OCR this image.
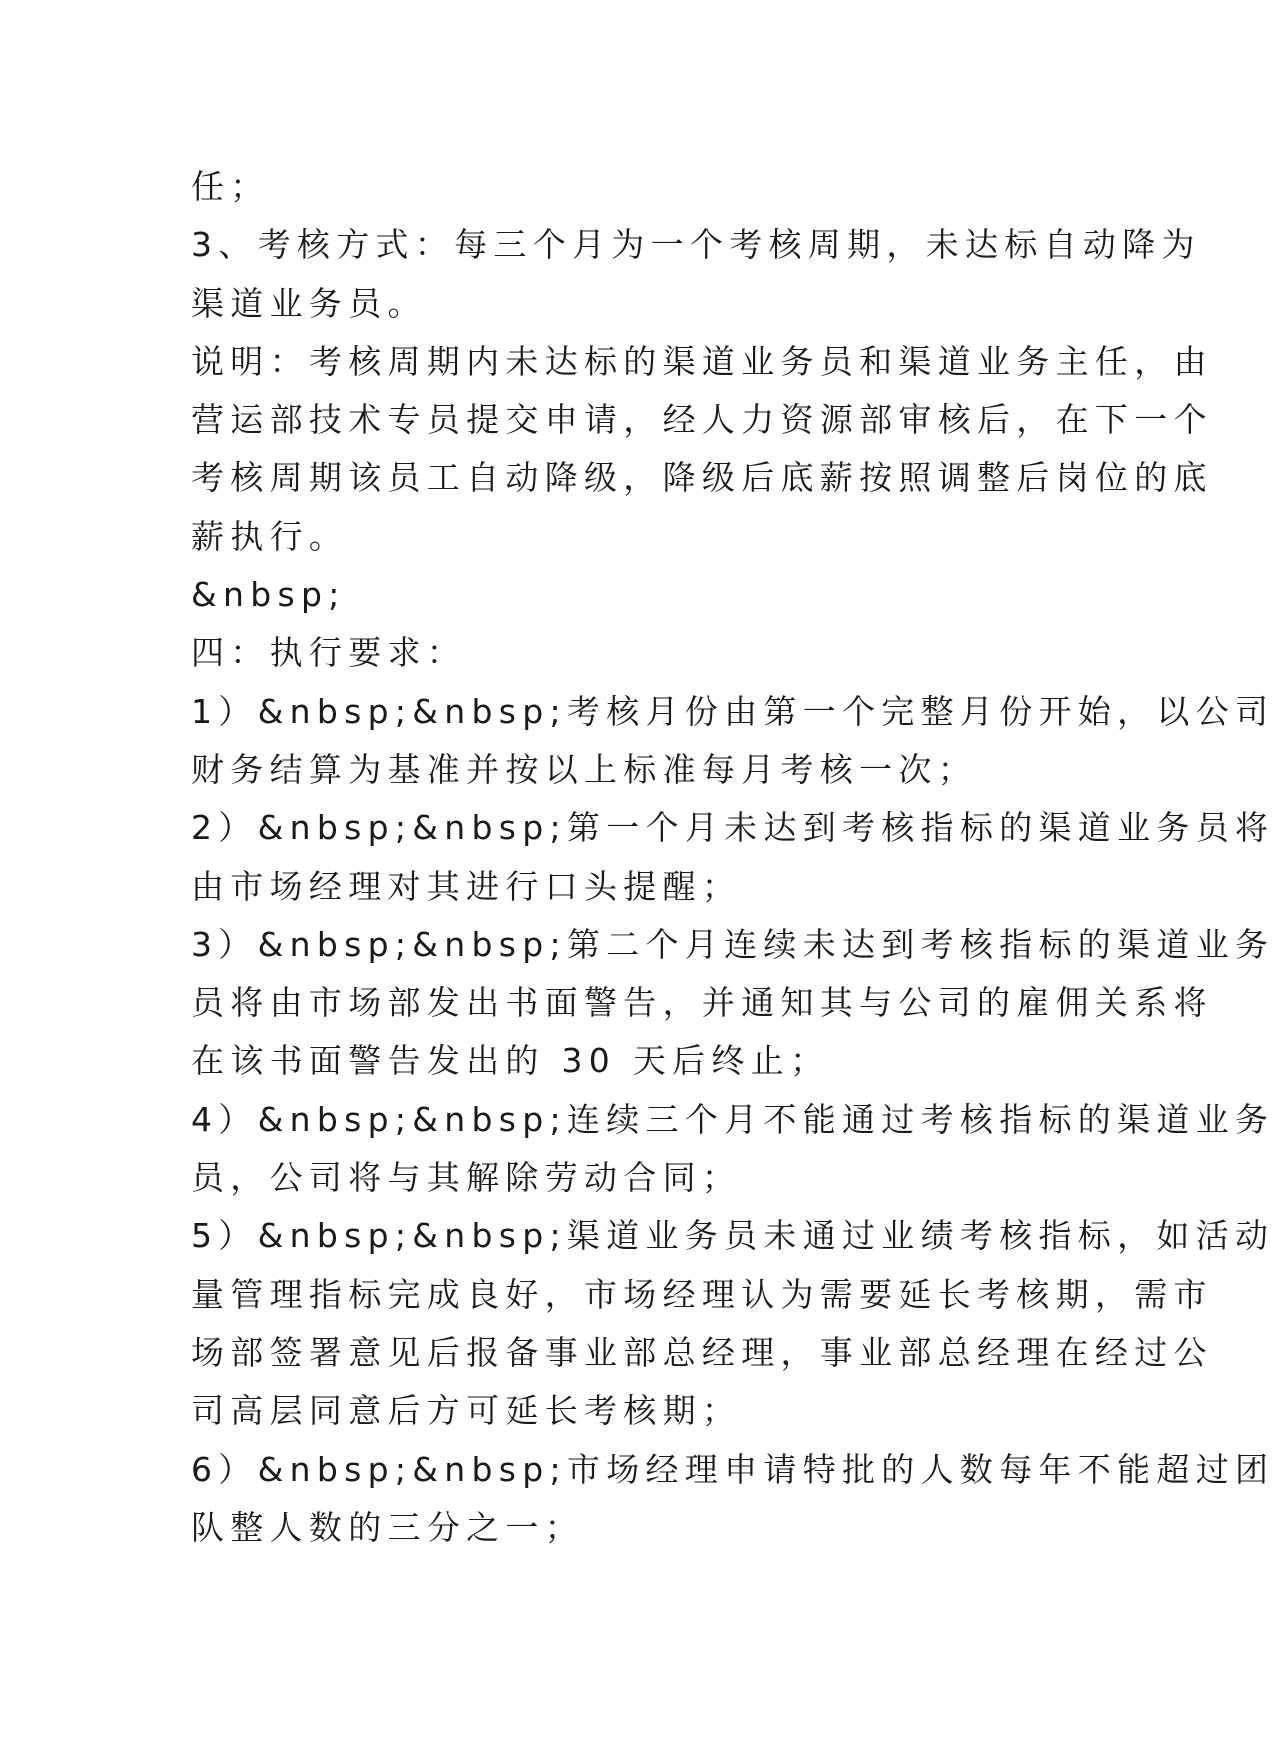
任；
3、考核方式：每三个月为一个考核周期，未达标自动降为
渠道业务员。
说明：考核周期内未达标的渠道业务员和渠道业务主任，由
营运部技术专员提交申请，经人力资源部审核后，在下一个
考核周期该员工自动降级，降级后底薪按照调整后岗位的底
薪执行。
&nbsp;
四：执行要求：
1）&nbsp;&nbsp;考核月份由第一个完整月份开始，以公司
财务结算为基准并按以上标准每月考核一次；
2）&nbsp;&nbsp;第一个月未达到考核指标的渠道业务员将
由市场经理对其进行口头提醒；
3）&nbsp;&nbsp;第二个月连续未达到考核指标的渠道业务
员将由市场部发出书面警告，并通知其与公司的雇佣关系将
在该书面警告发出的 30 天后终止；
4）&nbsp;&nbsp;连续三个月不能通过考核指标的渠道业务
员，公司将与其解除劳动合同；
5）&nbsp;&nbsp;渠道业务员未通过业绩考核指标，如活动
量管理指标完成良好，市场经理认为需要延长考核期，需市
场部签署意见后报备事业部总经理，事业部总经理在经过公
司高层同意后方可延长考核期；
6）&nbsp;&nbsp;市场经理申请特批的人数每年不能超过团
队整人数的三分之一；
